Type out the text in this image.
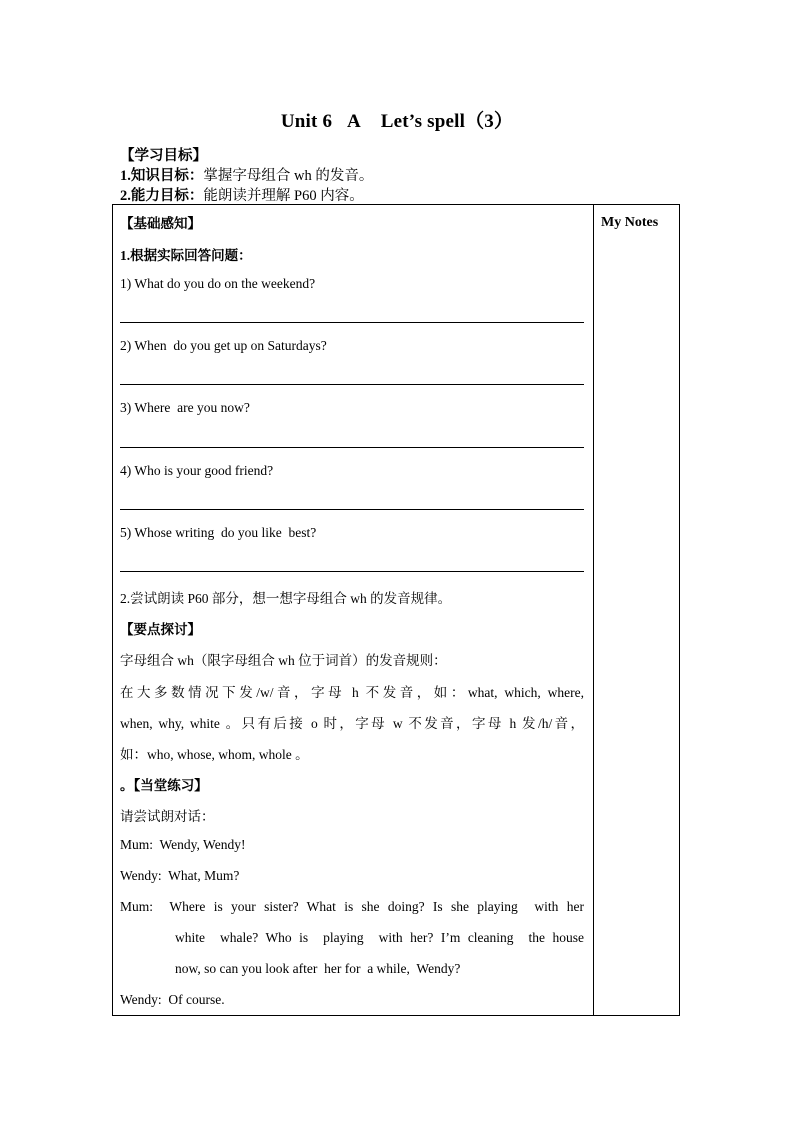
Unit 6   A    Let’s spell（3）
【学习目标】
1.知识目标：掌握字母组合 wh 的发音。
2.能力目标：能朗读并理解 P60 内容。
My Notes
【基础感知】
1.根据实际回答问题：
1) What do you do on the weekend?
2) When  do you get up on Saturdays?
3) Where  are you now?
4) Who is your good friend?
5) Whose writing  do you like  best?
2.尝试朗读 P60 部分，想一想字母组合 wh 的发音规律。
【要点探讨】
字母组合 wh（限字母组合 wh 位于词首）的发音规则：
在大多数情况下发/w/音，字母 h 不发音，如：what, which, where,
when, why, white 。只有后接 o 时，字母 w 不发音，字母 h 发/h/音，
如：who, whose, whom, whole 。
。【当堂练习】
请尝试朗对话：
Mum:  Wendy, Wendy!
Wendy:  What, Mum?
Mum:  Where is your sister? What is she doing? Is she playing  with her
white  whale? Who is  playing  with her? I’m cleaning  the house
now, so can you look after  her for  a while,  Wendy?
Wendy:  Of course.
